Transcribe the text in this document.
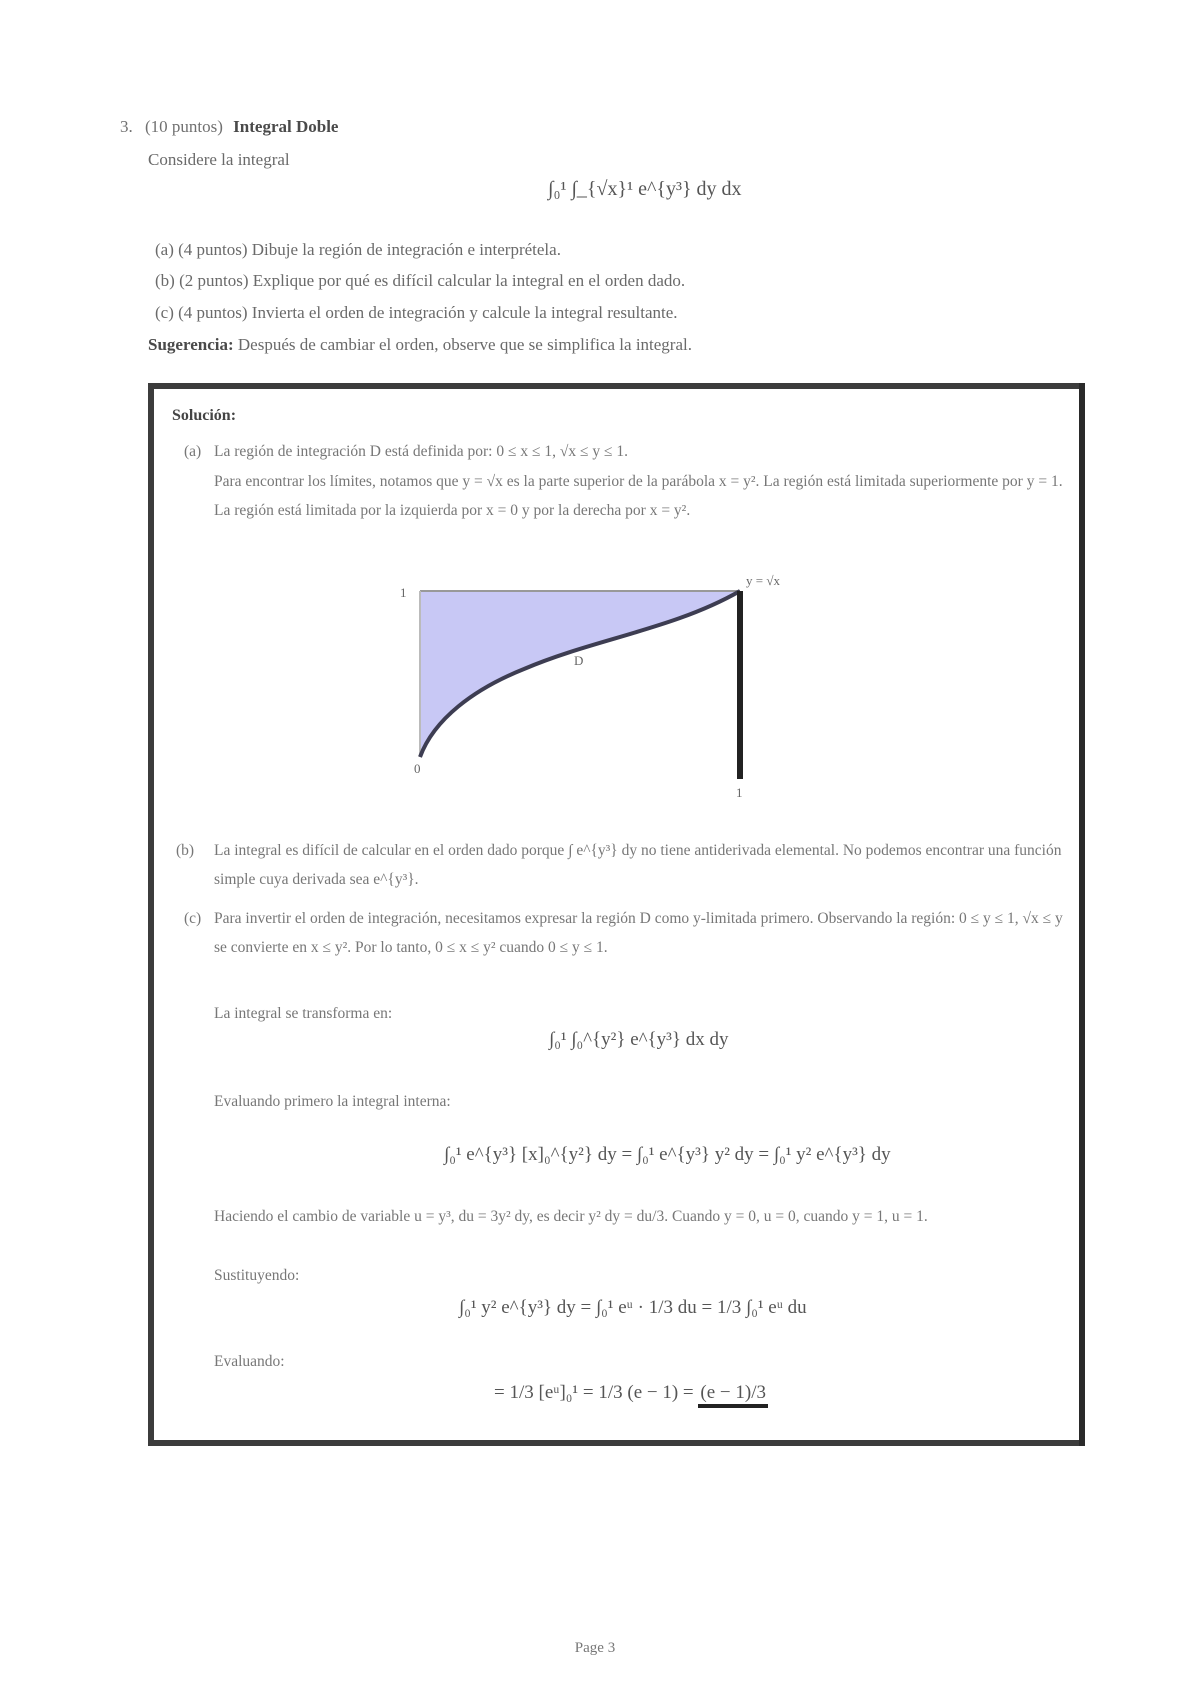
3. (10 puntos) Integral Doble
Considere la integral
∫₀¹ ∫_{√x}¹ e^{y³} dy dx
(a) (4 puntos) Dibuje la región de integración e interprétela.
(b) (2 puntos) Explique por qué es difícil calcular la integral en el orden dado.
(c) (4 puntos) Invierta el orden de integración y calcule la integral resultante.
Sugerencia: Después de cambiar el orden, observe que se simplifica la integral.
Solución:
(a) La región de integración D está definida por: 0 ≤ x ≤ 1, √x ≤ y ≤ 1.
Para encontrar los límites, notamos que y = √x es la parte superior de la parábola x = y². La región está limitada superiormente por y = 1. La región está limitada por la izquierda por x = 0 y por la derecha por x = y².
1
0
1
D
y = √x
(b) La integral es difícil de calcular en el orden dado porque ∫ e^{y³} dy no tiene antiderivada elemental. No podemos encontrar una función simple cuya derivada sea e^{y³}.
(c) Para invertir el orden de integración, necesitamos expresar la región D como y-limitada primero. Observando la región: 0 ≤ y ≤ 1, √x ≤ y se convierte en x ≤ y². Por lo tanto, 0 ≤ x ≤ y² cuando 0 ≤ y ≤ 1.
La integral se transforma en:
∫₀¹ ∫₀^{y²} e^{y³} dx dy
Evaluando primero la integral interna:
∫₀¹ e^{y³} [x]₀^{y²} dy = ∫₀¹ e^{y³} y² dy = ∫₀¹ y² e^{y³} dy
Haciendo el cambio de variable u = y³, du = 3y² dy, es decir y² dy = du/3. Cuando y = 0, u = 0, cuando y = 1, u = 1.
Sustituyendo:
∫₀¹ y² e^{y³} dy = ∫₀¹ eᵘ · 1/3 du = 1/3 ∫₀¹ eᵘ du
Evaluando:
= 1/3 [eᵘ]₀¹ = 1/3 (e − 1) = (e − 1)/3
Page 3
